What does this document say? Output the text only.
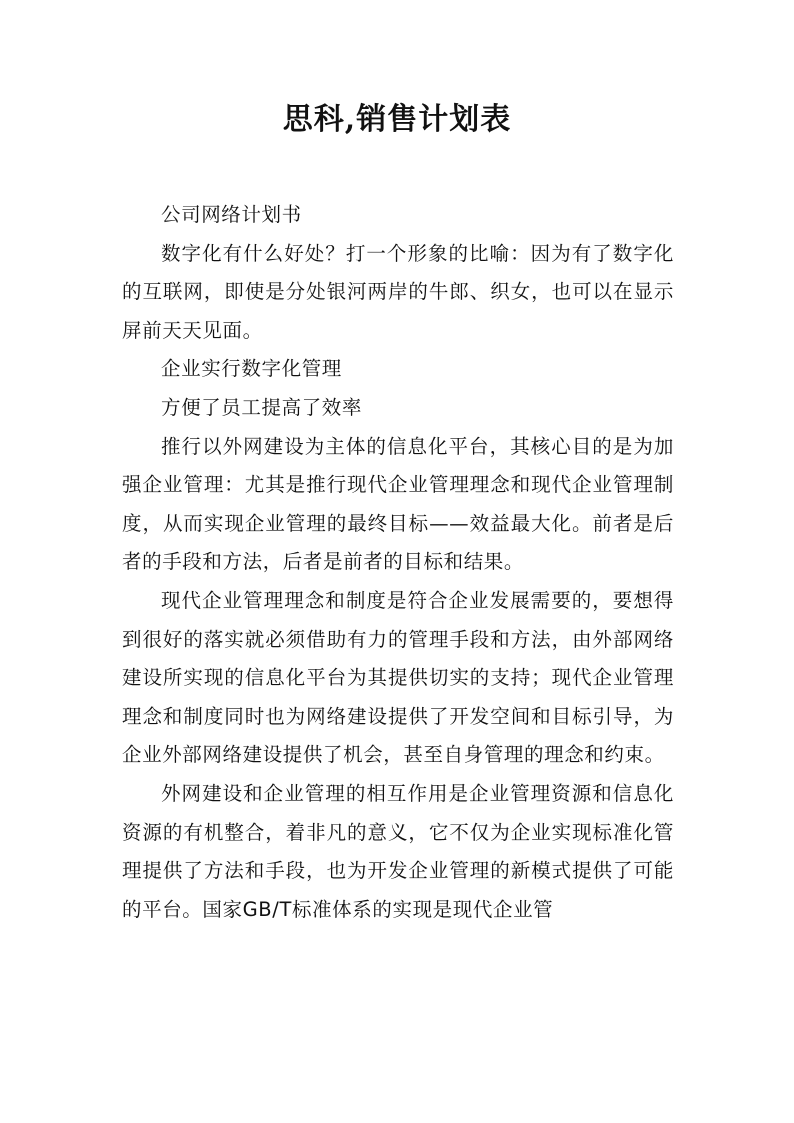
思科,销售计划表

公司网络计划书

数字化有什么好处？打一个形象的比喻：因为有了数字化的互联网，即使是分处银河两岸的牛郎、织女，也可以在显示屏前天天见面。

企业实行数字化管理

方便了员工提高了效率

推行以外网建设为主体的信息化平台，其核心目的是为加强企业管理：尤其是推行现代企业管理理念和现代企业管理制度，从而实现企业管理的最终目标——效益最大化。前者是后者的手段和方法，后者是前者的目标和结果。

现代企业管理理念和制度是符合企业发展需要的，要想得到很好的落实就必须借助有力的管理手段和方法，由外部网络建设所实现的信息化平台为其提供切实的支持；现代企业管理理念和制度同时也为网络建设提供了开发空间和目标引导，为企业外部网络建设提供了机会，甚至自身管理的理念和约束。

外网建设和企业管理的相互作用是企业管理资源和信息化资源的有机整合，着非凡的意义，它不仅为企业实现标准化管理提供了方法和手段，也为开发企业管理的新模式提供了可能的平台。国家GB/T标准体系的实现是现代企业管
